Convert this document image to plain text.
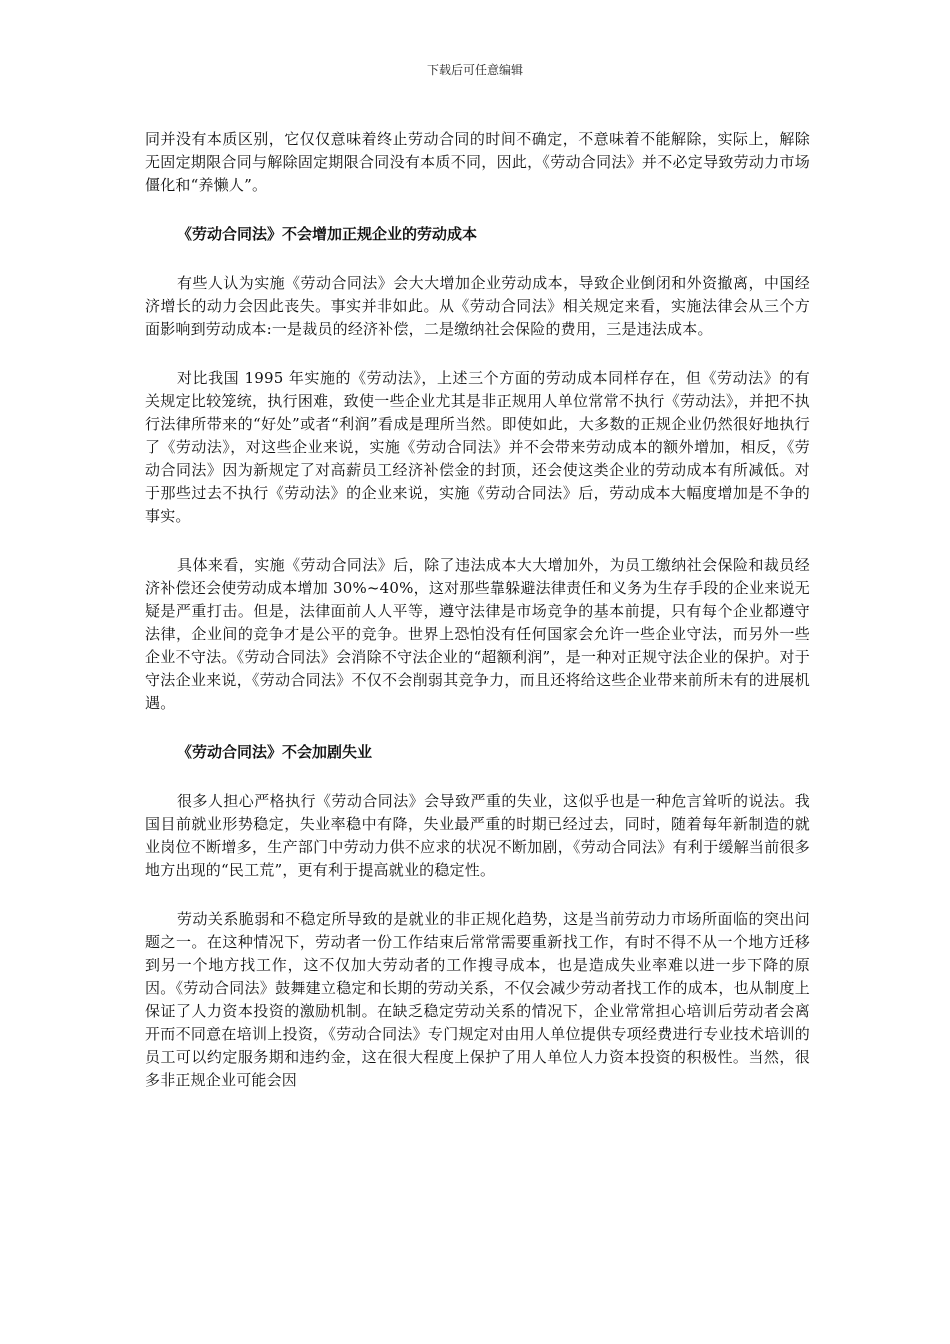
下载后可任意编辑

同并没有本质区别，它仅仅意味着终止劳动合同的时间不确定，不意味着不能解除，实际上，解除无固定期限合同与解除固定期限合同没有本质不同，因此，《劳动合同法》并不必定导致劳动力市场僵化和“养懒人”。

《劳动合同法》不会增加正规企业的劳动成本

有些人认为实施《劳动合同法》会大大增加企业劳动成本，导致企业倒闭和外资撤离，中国经济增长的动力会因此丧失。事实并非如此。从《劳动合同法》相关规定来看，实施法律会从三个方面影响到劳动成本:一是裁员的经济补偿，二是缴纳社会保险的费用，三是违法成本。

对比我国 1995 年实施的《劳动法》，上述三个方面的劳动成本同样存在，但《劳动法》的有关规定比较笼统，执行困难，致使一些企业尤其是非正规用人单位常常不执行《劳动法》，并把不执行法律所带来的“好处”或者“利润”看成是理所当然。即使如此，大多数的正规企业仍然很好地执行了《劳动法》，对这些企业来说，实施《劳动合同法》并不会带来劳动成本的额外增加，相反，《劳动合同法》因为新规定了对高薪员工经济补偿金的封顶，还会使这类企业的劳动成本有所减低。对于那些过去不执行《劳动法》的企业来说，实施《劳动合同法》后，劳动成本大幅度增加是不争的事实。

具体来看，实施《劳动合同法》后，除了违法成本大大增加外，为员工缴纳社会保险和裁员经济补偿还会使劳动成本增加 30%~40%，这对那些靠躲避法律责任和义务为生存手段的企业来说无疑是严重打击。但是，法律面前人人平等，遵守法律是市场竞争的基本前提，只有每个企业都遵守法律，企业间的竞争才是公平的竞争。世界上恐怕没有任何国家会允许一些企业守法，而另外一些企业不守法。《劳动合同法》会消除不守法企业的“超额利润”，是一种对正规守法企业的保护。对于守法企业来说，《劳动合同法》不仅不会削弱其竞争力，而且还将给这些企业带来前所未有的进展机遇。

《劳动合同法》不会加剧失业

很多人担心严格执行《劳动合同法》会导致严重的失业，这似乎也是一种危言耸听的说法。我国目前就业形势稳定，失业率稳中有降，失业最严重的时期已经过去，同时，随着每年新制造的就业岗位不断增多，生产部门中劳动力供不应求的状况不断加剧，《劳动合同法》有利于缓解当前很多地方出现的“民工荒”，更有利于提高就业的稳定性。

劳动关系脆弱和不稳定所导致的是就业的非正规化趋势，这是当前劳动力市场所面临的突出问题之一。在这种情况下，劳动者一份工作结束后常常需要重新找工作，有时不得不从一个地方迁移到另一个地方找工作，这不仅加大劳动者的工作搜寻成本，也是造成失业率难以进一步下降的原因。《劳动合同法》鼓舞建立稳定和长期的劳动关系，不仅会减少劳动者找工作的成本，也从制度上保证了人力资本投资的激励机制。在缺乏稳定劳动关系的情况下，企业常常担心培训后劳动者会离开而不同意在培训上投资，《劳动合同法》专门规定对由用人单位提供专项经费进行专业技术培训的员工可以约定服务期和违约金，这在很大程度上保护了用人单位人力资本投资的积极性。当然，很多非正规企业可能会因
